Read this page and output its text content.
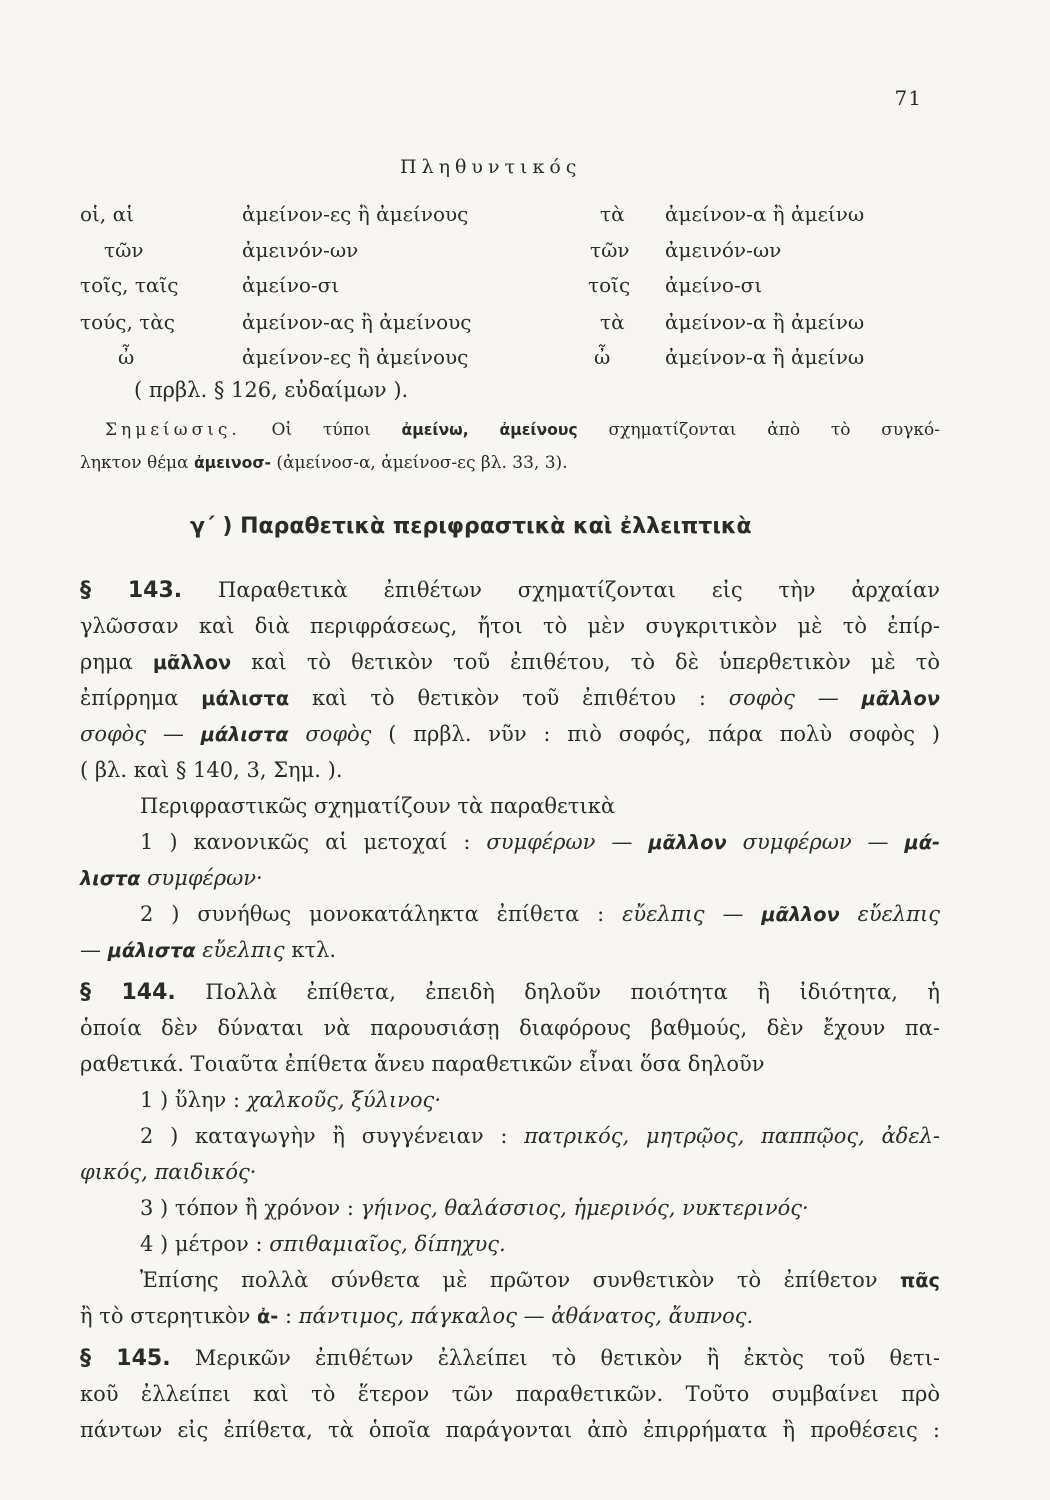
71
Πληθυντικός
οἱ, αἱ	ἀμείνον-ες ἢ ἀμείνους	τὰ ἀμείνον-α ἢ ἀμείνω
τῶν	ἀμεινόν-ων	τῶν ἀμεινόν-ων
τοῖς, ταῖς	ἀμείνο-σι	τοῖς ἀμείνο-σι
τούς, τὰς	ἀμείνον-ας ἢ ἀμείνους	τὰ ἀμείνον-α ἢ ἀμείνω
ὦ	ἀμείνον-ες ἢ ἀμείνους	ὦ	ἀμείνον-α ἢ ἀμείνω
( πρβλ. § 126, εὐδαίμων ).
Σημείωσις. Οἱ τύποι ἀμείνω, ἀμείνους σχηματίζονται ἀπὸ τὸ συγκό-
ληκτον θέμα ἀμεινοσ- (ἀμείνοσ-α, ἀμείνοσ-ες βλ. 33, 3).
γ΄ ) Παραθετικὰ περιφραστικὰ καὶ ἐλλειπτικὰ
§ 143. Παραθετικὰ ἐπιθέτων σχηματίζονται εἰς τὴν ἀρχαίαν
γλῶσσαν καὶ διὰ περιφράσεως, ἤτοι τὸ μὲν συγκριτικὸν μὲ τὸ ἐπίρ-
ρημα μᾶλλον καὶ τὸ θετικὸν τοῦ ἐπιθέτου, τὸ δὲ ὑπερθετικὸν μὲ τὸ
ἐπίρρημα μάλιστα καὶ τὸ θετικὸν τοῦ ἐπιθέτου : σοφὸς — μᾶλλον
σοφὸς — μάλιστα σοφὸς ( πρβλ. νῦν : πιὸ σοφός, πάρα πολὺ σοφὸς )
( βλ. καὶ § 140, 3, Σημ. ).
Περιφραστικῶς σχηματίζουν τὰ παραθετικὰ
1 ) κανονικῶς αἱ μετοχαί : συμφέρων — μᾶλλον συμφέρων — μά-
λιστα συμφέρων·
2 ) συνήθως μονοκατάληκτα ἐπίθετα : εὔελπις — μᾶλλον εὔελπις
— μάλιστα εὔελπις κτλ.
§ 144. Πολλὰ ἐπίθετα, ἐπειδὴ δηλοῦν ποιότητα ἢ ἰδιότητα, ἡ
ὁποία δὲν δύναται νὰ παρουσιάσῃ διαφόρους βαθμούς, δὲν ἔχουν πα-
ραθετικά. Τοιαῦτα ἐπίθετα ἄνευ παραθετικῶν εἶναι ὅσα δηλοῦν
1 ) ὕλην : χαλκοῦς, ξύλινος·
2 ) καταγωγὴν ἢ συγγένειαν : πατρικός, μητρῷος, παππῷος, ἀδελ-
φικός, παιδικός·
3 ) τόπον ἢ χρόνον : γήινος, θαλάσσιος, ἡμερινός, νυκτερινός·
4 ) μέτρον : σπιθαμιαῖος, δίπηχυς.
Ἐπίσης πολλὰ σύνθετα μὲ πρῶτον συνθετικὸν τὸ ἐπίθετον πᾶς
ἢ τὸ στερητικὸν ἀ- : πάντιμος, πάγκαλος — ἀθάνατος, ἄυπνος.
§ 145. Μερικῶν ἐπιθέτων ἐλλείπει τὸ θετικὸν ἢ ἐκτὸς τοῦ θετι-
κοῦ ἐλλείπει καὶ τὸ ἕτερον τῶν παραθετικῶν. Τοῦτο συμβαίνει πρὸ
πάντων εἰς ἐπίθετα, τὰ ὁποῖα παράγονται ἀπὸ ἐπιρρήματα ἢ προθέσεις :
